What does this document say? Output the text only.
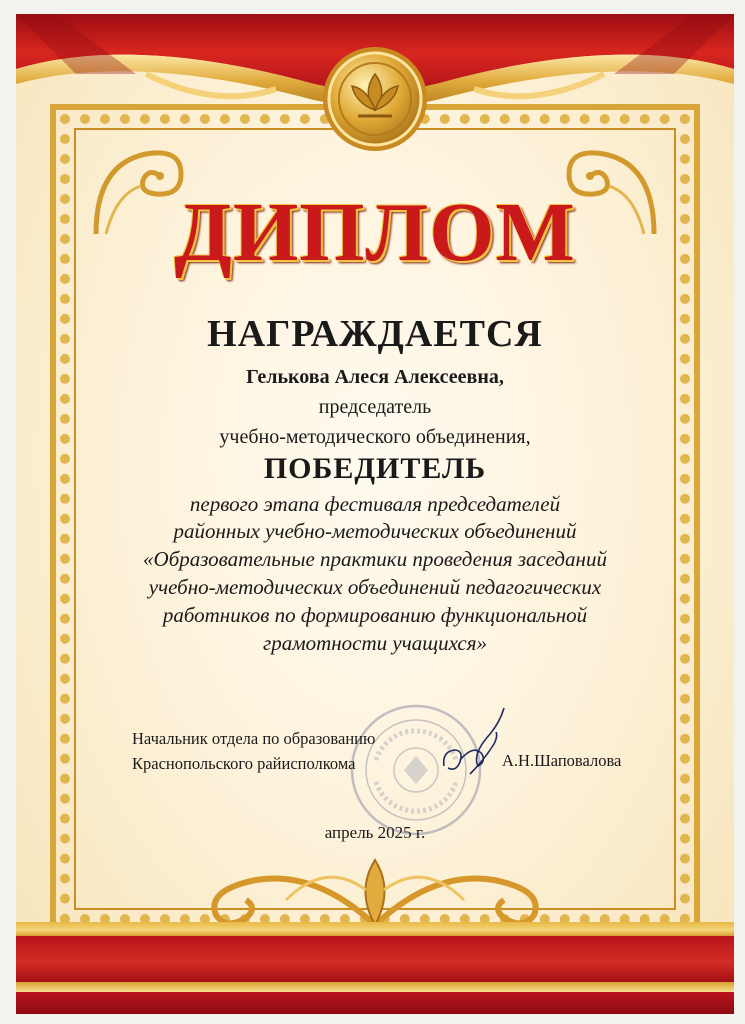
ДИПЛОМ
НАГРАЖДАЕТСЯ
Гелькова Алеся Алексеевна,
председатель
учебно-методического объединения,
ПОБЕДИТЕЛЬ
первого этапа фестиваля председателей
районных учебно-методических объединений
«Образовательные практики проведения заседаний
учебно-методических объединений педагогических
работников по формированию функциональной
грамотности учащихся»
Начальник отдела по образованию
Краснопольского райисполкома	А.Н.Шаповалова
апрель 2025 г.
